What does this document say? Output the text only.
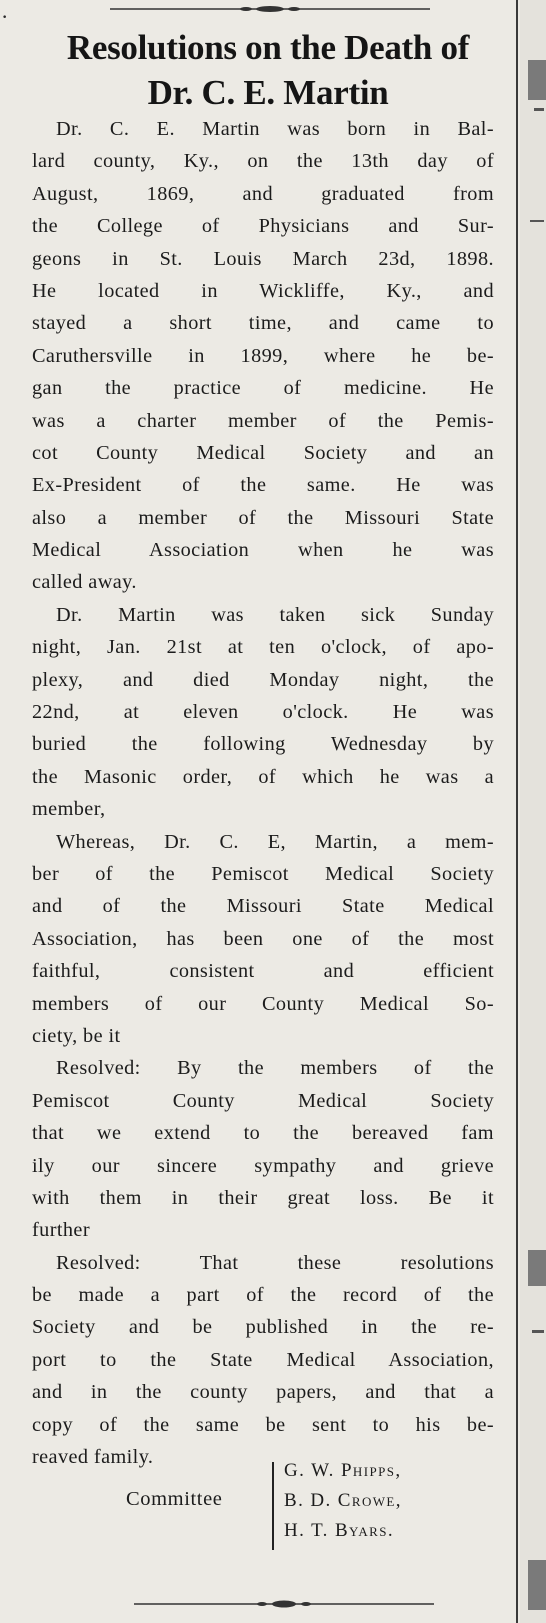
·
Resolutions on the Death of
Dr. C. E. Martin
Dr. C. E. Martin was born in Bal-
lard county, Ky., on the 13th day of
August, 1869, and graduated from
the College of Physicians and Sur-
geons in St. Louis March 23d, 1898.
He located in Wickliffe, Ky., and
stayed a short time, and came to
Caruthersville in 1899, where he be-
gan the practice of medicine. He
was a charter member of the Pemis-
cot County Medical Society and an
Ex-President of the same. He was
also a member of the Missouri State
Medical Association when he was
called away.
Dr. Martin was taken sick Sunday
night, Jan. 21st at ten o'clock, of apo-
plexy, and died Monday night, the
22nd, at eleven o'clock. He was
buried the following Wednesday by
the Masonic order, of which he was a
member,
Whereas, Dr. C. E, Martin, a mem-
ber of the Pemiscot Medical Society
and of the Missouri State Medical
Association, has been one of the most
faithful, consistent and efficient
members of our County Medical So-
ciety, be it
Resolved: By the members of the
Pemiscot County Medical Society
that we extend to the bereaved fam
ily our sincere sympathy and grieve
with them in their great loss. Be it
further
Resolved: That these resolutions
be made a part of the record of the
Society and be published in the re-
port to the State Medical Association,
and in the county papers, and that a
copy of the same be sent to his be-
reaved family.
Committee
G. W. Phipps,
B. D. Crowe,
H. T. Byars.
